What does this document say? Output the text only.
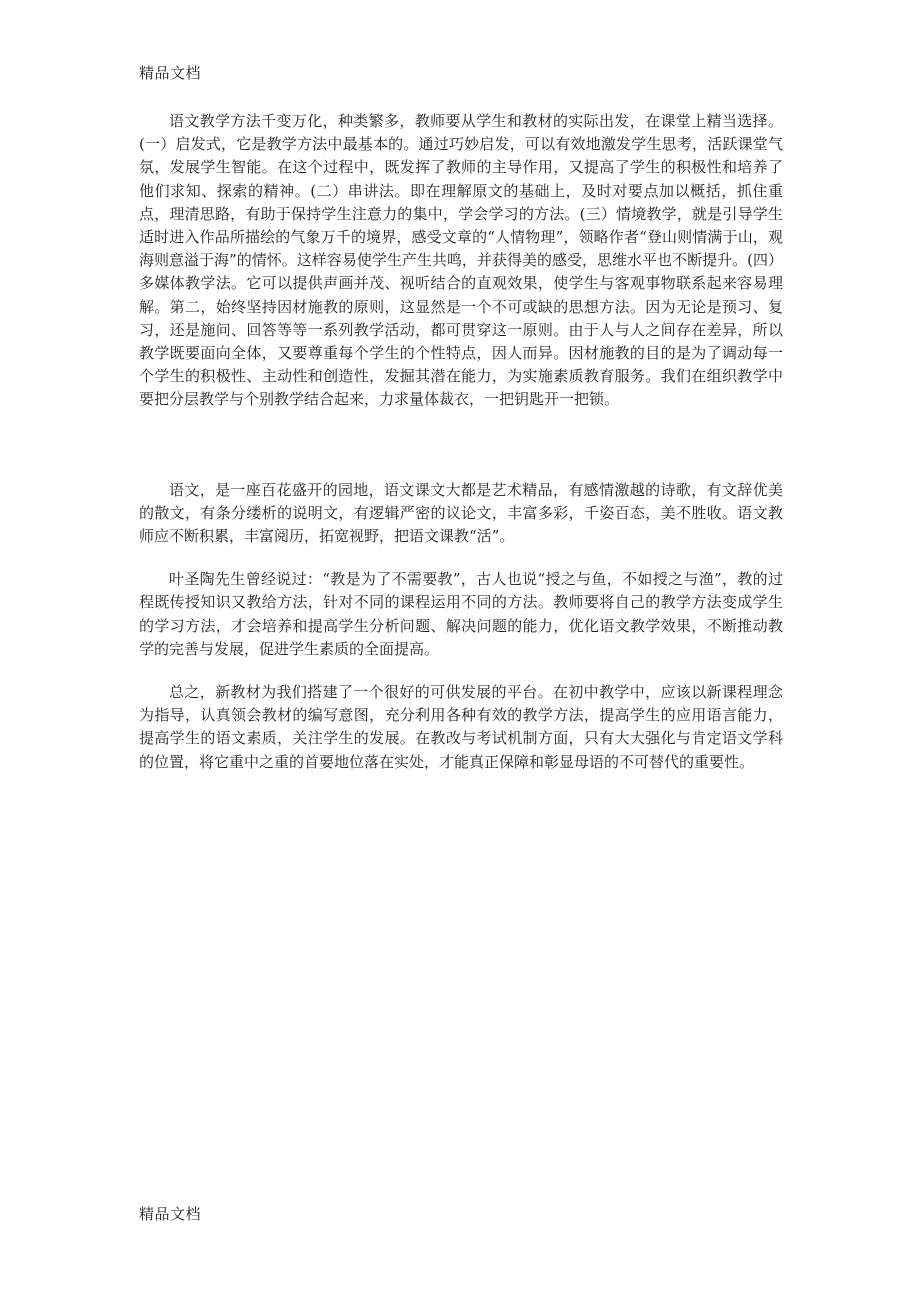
精品文档

语文教学方法千变万化，种类繁多，教师要从学生和教材的实际出发，在课堂上精当选择。(一）启发式，它是教学方法中最基本的。通过巧妙启发，可以有效地激发学生思考，活跃课堂气氛，发展学生智能。在这个过程中，既发挥了教师的主导作用，又提高了学生的积极性和培养了他们求知、探索的精神。(二）串讲法。即在理解原文的基础上，及时对要点加以概括，抓住重点，理清思路，有助于保持学生注意力的集中，学会学习的方法。(三）情境教学，就是引导学生适时进入作品所描绘的气象万千的境界，感受文章的“人情物理”，领略作者“登山则情满于山，观海则意溢于海”的情怀。这样容易使学生产生共鸣，并获得美的感受，思维水平也不断提升。(四）多媒体教学法。它可以提供声画并茂、视听结合的直观效果，使学生与客观事物联系起来容易理解。第二，始终坚持因材施教的原则，这显然是一个不可或缺的思想方法。因为无论是预习、复习，还是施问、回答等等一系列教学活动，都可贯穿这一原则。由于人与人之间存在差异，所以教学既要面向全体，又要尊重每个学生的个性特点，因人而异。因材施教的目的是为了调动每一个学生的积极性、主动性和创造性，发掘其潜在能力，为实施素质教育服务。我们在组织教学中要把分层教学与个别教学结合起来，力求量体裁衣，一把钥匙开一把锁。

语文，是一座百花盛开的园地，语文课文大都是艺术精品，有感情激越的诗歌，有文辞优美的散文，有条分缕析的说明文，有逻辑严密的议论文，丰富多彩，千姿百态，美不胜收。语文教师应不断积累，丰富阅历，拓宽视野，把语文课教“活”。

叶圣陶先生曾经说过：“教是为了不需要教”，古人也说“授之与鱼，不如授之与渔”，教的过程既传授知识又教给方法，针对不同的课程运用不同的方法。教师要将自己的教学方法变成学生的学习方法，才会培养和提高学生分析问题、解决问题的能力，优化语文教学效果，不断推动教学的完善与发展，促进学生素质的全面提高。

总之，新教材为我们搭建了一个很好的可供发展的平台。在初中教学中，应该以新课程理念为指导，认真领会教材的编写意图，充分利用各种有效的教学方法，提高学生的应用语言能力，提高学生的语文素质，关注学生的发展。在教改与考试机制方面，只有大大强化与肯定语文学科的位置，将它重中之重的首要地位落在实处，才能真正保障和彰显母语的不可替代的重要性。

精品文档
